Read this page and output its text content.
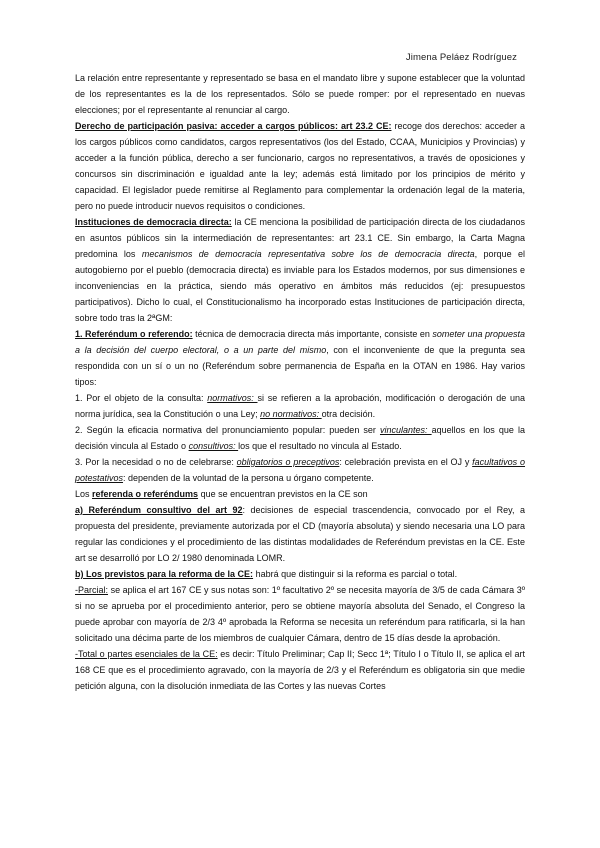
Jimena Peláez Rodríguez

La relación entre representante y representado se basa en el mandato libre y supone establecer que la voluntad de los representantes es la de los representados. Sólo se puede romper: por el representado en nuevas elecciones; por el representante al renunciar al cargo.

Derecho de participación pasiva: acceder a cargos públicos: art 23.2 CE: recoge dos derechos: acceder a los cargos públicos como candidatos, cargos representativos (los del Estado, CCAA, Municipios y Provincias) y acceder a la función pública, derecho a ser funcionario, cargos no representativos, a través de oposiciones y concursos sin discriminación e igualdad ante la ley; además está limitado por los principios de mérito y capacidad. El legislador puede remitirse al Reglamento para complementar la ordenación legal de la materia, pero no puede introducir nuevos requisitos o condiciones.

Instituciones de democracia directa: la CE menciona la posibilidad de participación directa de los ciudadanos en asuntos públicos sin la intermediación de representantes: art 23.1 CE. Sin embargo, la Carta Magna predomina los mecanismos de democracia representativa sobre los de democracia directa, porque el autogobierno por el pueblo (democracia directa) es inviable para los Estados modernos, por sus dimensiones e inconveniencias en la práctica, siendo más operativo en ámbitos más reducidos (ej: presupuestos participativos). Dicho lo cual, el Constitucionalismo ha incorporado estas Instituciones de participación directa, sobre todo tras la 2ªGM:

1. Referéndum o referendo: técnica de democracia directa más importante, consiste en someter una propuesta a la decisión del cuerpo electoral, o a un parte del mismo, con el inconveniente de que la pregunta sea respondida con un sí o un no (Referéndum sobre permanencia de España en la OTAN en 1986. Hay varios tipos:

1. Por el objeto de la consulta: normativos: si se refieren a la aprobación, modificación o derogación de una norma jurídica, sea la Constitución o una Ley; no normativos: otra decisión.

2. Según la eficacia normativa del pronunciamiento popular: pueden ser vinculantes: aquellos en los que la decisión vincula al Estado o consultivos: los que el resultado no vincula al Estado.

3. Por la necesidad o no de celebrarse: obligatorios o preceptivos: celebración prevista en el OJ y facultativos o potestativos: dependen de la voluntad de la persona u órgano competente.

Los referenda o referéndums que se encuentran previstos en la CE son

a) Referéndum consultivo del art 92: decisiones de especial trascendencia, convocado por el Rey, a propuesta del presidente, previamente autorizada por el CD (mayoría absoluta) y siendo necesaria una LO para regular las condiciones y el procedimiento de las distintas modalidades de Referéndum previstas en la CE. Este art se desarrolló por LO 2/ 1980 denominada LOMR.

b) Los previstos para la reforma de la CE: habrá que distinguir si la reforma es parcial o total.

-Parcial: se aplica el art 167 CE y sus notas son: 1º facultativo 2º se necesita mayoría de 3/5 de cada Cámara 3º si no se aprueba por el procedimiento anterior, pero se obtiene mayoría absoluta del Senado, el Congreso la puede aprobar con mayoría de 2/3 4º aprobada la Reforma se necesita un referéndum para ratificarla, si la han solicitado una décima parte de los miembros de cualquier Cámara, dentro de 15 días desde la aprobación.

-Total o partes esenciales de la CE: es decir: Título Preliminar; Cap II; Secc 1ª; Título I o Título II, se aplica el art 168 CE que es el procedimiento agravado, con la mayoría de 2/3 y el Referéndum es obligatoria sin que medie petición alguna, con la disolución inmediata de las Cortes y las nuevas Cortes
